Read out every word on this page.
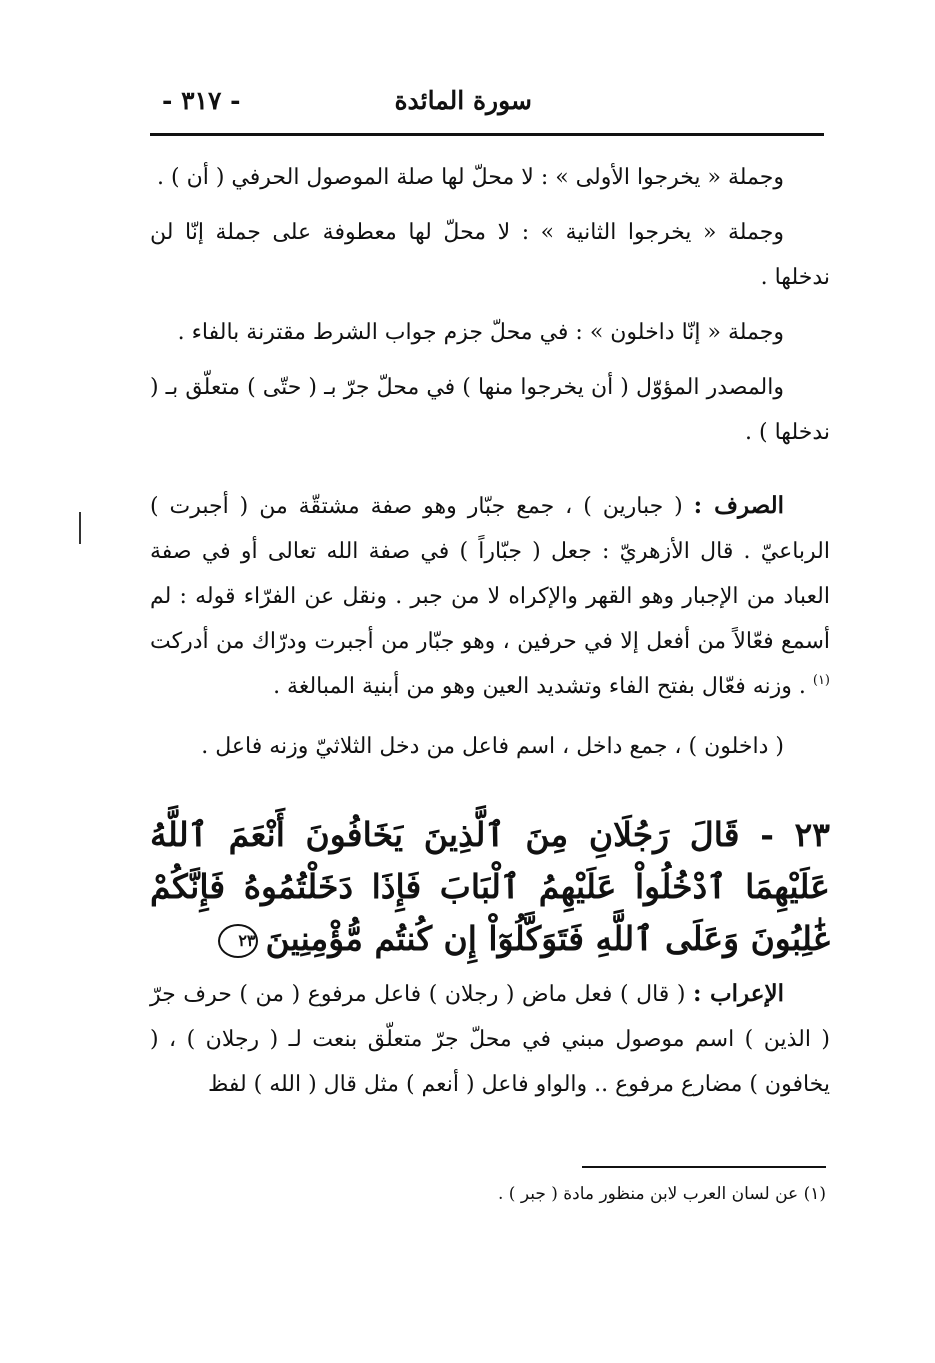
سورة المائدة
- ٣١٧ -

وجملة « يخرجوا الأولى » : لا محلّ لها صلة الموصول الحرفي ( أن ) .

وجملة « يخرجوا الثانية » : لا محلّ لها معطوفة على جملة إنّا لن ندخلها .

وجملة « إنّا داخلون » : في محلّ جزم جواب الشرط مقترنة بالفاء .

والمصدر المؤوّل ( أن يخرجوا منها ) في محلّ جرّ بـ ( حتّى ) متعلّق بـ ( ندخلها ) .

الصرف : ( جبارين ) ، جمع جبّار وهو صفة مشتقّة من ( أجبرت ) الرباعيّ . قال الأزهريّ : جعل ( جبّاراً ) في صفة الله تعالى أو في صفة العباد من الإجبار وهو القهر والإكراه لا من جبر . ونقل عن الفرّاء قوله : لم أسمع فعّالاً من أفعل إلا في حرفين ، وهو جبّار من أجبرت ودرّاك من أدركت $^{(١)}$ . وزنه فعّال بفتح الفاء وتشديد العين وهو من أبنية المبالغة .

( داخلون ) ، جمع داخل ، اسم فاعل من دخل الثلاثيّ وزنه فاعل .

٢٣ - قَالَ رَجُلَانِ مِنَ ٱلَّذِينَ يَخَافُونَ أَنْعَمَ ٱللَّهُ عَلَيْهِمَا ٱدْخُلُواْ عَلَيْهِمُ ٱلْبَابَ فَإِذَا دَخَلْتُمُوهُ فَإِنَّكُمْ غَٰلِبُونَ وَعَلَى ٱللَّهِ فَتَوَكَّلُوٓاْ إِن كُنتُم مُّؤْمِنِينَ٢٣

الإعراب : ( قال ) فعل ماض ( رجلان ) فاعل مرفوع ( من ) حرف جرّ ( الذين ) اسم موصول مبني في محلّ جرّ متعلّق بنعت لـ ( رجلان ) ، ( يخافون ) مضارع مرفوع .. والواو فاعل ( أنعم ) مثل قال ( الله ) لفظ

(١) عن لسان العرب لابن منظور مادة ( جبر ) .
